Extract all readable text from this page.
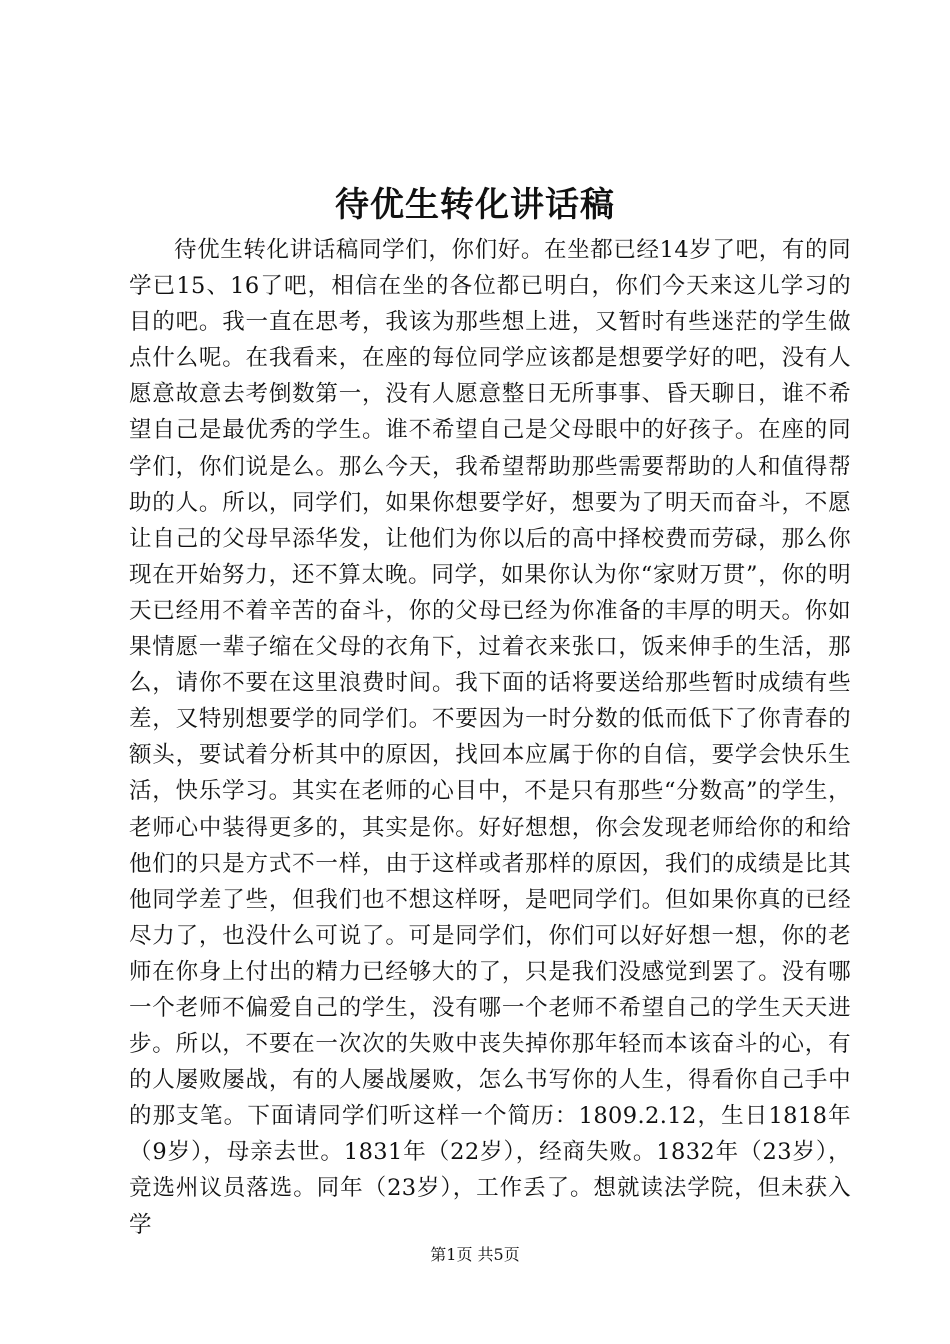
待优生转化讲话稿

待优生转化讲话稿同学们，你们好。在坐都已经14岁了吧，有的同学已15、16了吧，相信在坐的各位都已明白，你们今天来这儿学习的目的吧。我一直在思考，我该为那些想上进，又暂时有些迷茫的学生做点什么呢。在我看来，在座的每位同学应该都是想要学好的吧，没有人愿意故意去考倒数第一，没有人愿意整日无所事事、昏天聊日，谁不希望自己是最优秀的学生。谁不希望自己是父母眼中的好孩子。在座的同学们，你们说是么。那么今天，我希望帮助那些需要帮助的人和值得帮助的人。所以，同学们，如果你想要学好，想要为了明天而奋斗，不愿让自己的父母早添华发，让他们为你以后的高中择校费而劳碌，那么你现在开始努力，还不算太晚。同学，如果你认为你“家财万贯”，你的明天已经用不着辛苦的奋斗，你的父母已经为你准备的丰厚的明天。你如果情愿一辈子缩在父母的衣角下，过着衣来张口，饭来伸手的生活，那么，请你不要在这里浪费时间。我下面的话将要送给那些暂时成绩有些差，又特别想要学的同学们。不要因为一时分数的低而低下了你青春的额头，要试着分析其中的原因，找回本应属于你的自信，要学会快乐生活，快乐学习。其实在老师的心目中，不是只有那些“分数高”的学生，老师心中装得更多的，其实是你。好好想想，你会发现老师给你的和给他们的只是方式不一样，由于这样或者那样的原因，我们的成绩是比其他同学差了些，但我们也不想这样呀，是吧同学们。但如果你真的已经尽力了，也没什么可说了。可是同学们，你们可以好好想一想，你的老师在你身上付出的精力已经够大的了，只是我们没感觉到罢了。没有哪一个老师不偏爱自己的学生，没有哪一个老师不希望自己的学生天天进步。所以，不要在一次次的失败中丧失掉你那年轻而本该奋斗的心，有的人屡败屡战，有的人屡战屡败，怎么书写你的人生，得看你自己手中的那支笔。下面请同学们听这样一个简历：1809.2.12，生日1818年（9岁），母亲去世。1831年（22岁），经商失败。1832年（23岁），竞选州议员落选。同年（23岁），工作丢了。想就读法学院，但未获入学

第1页 共5页
